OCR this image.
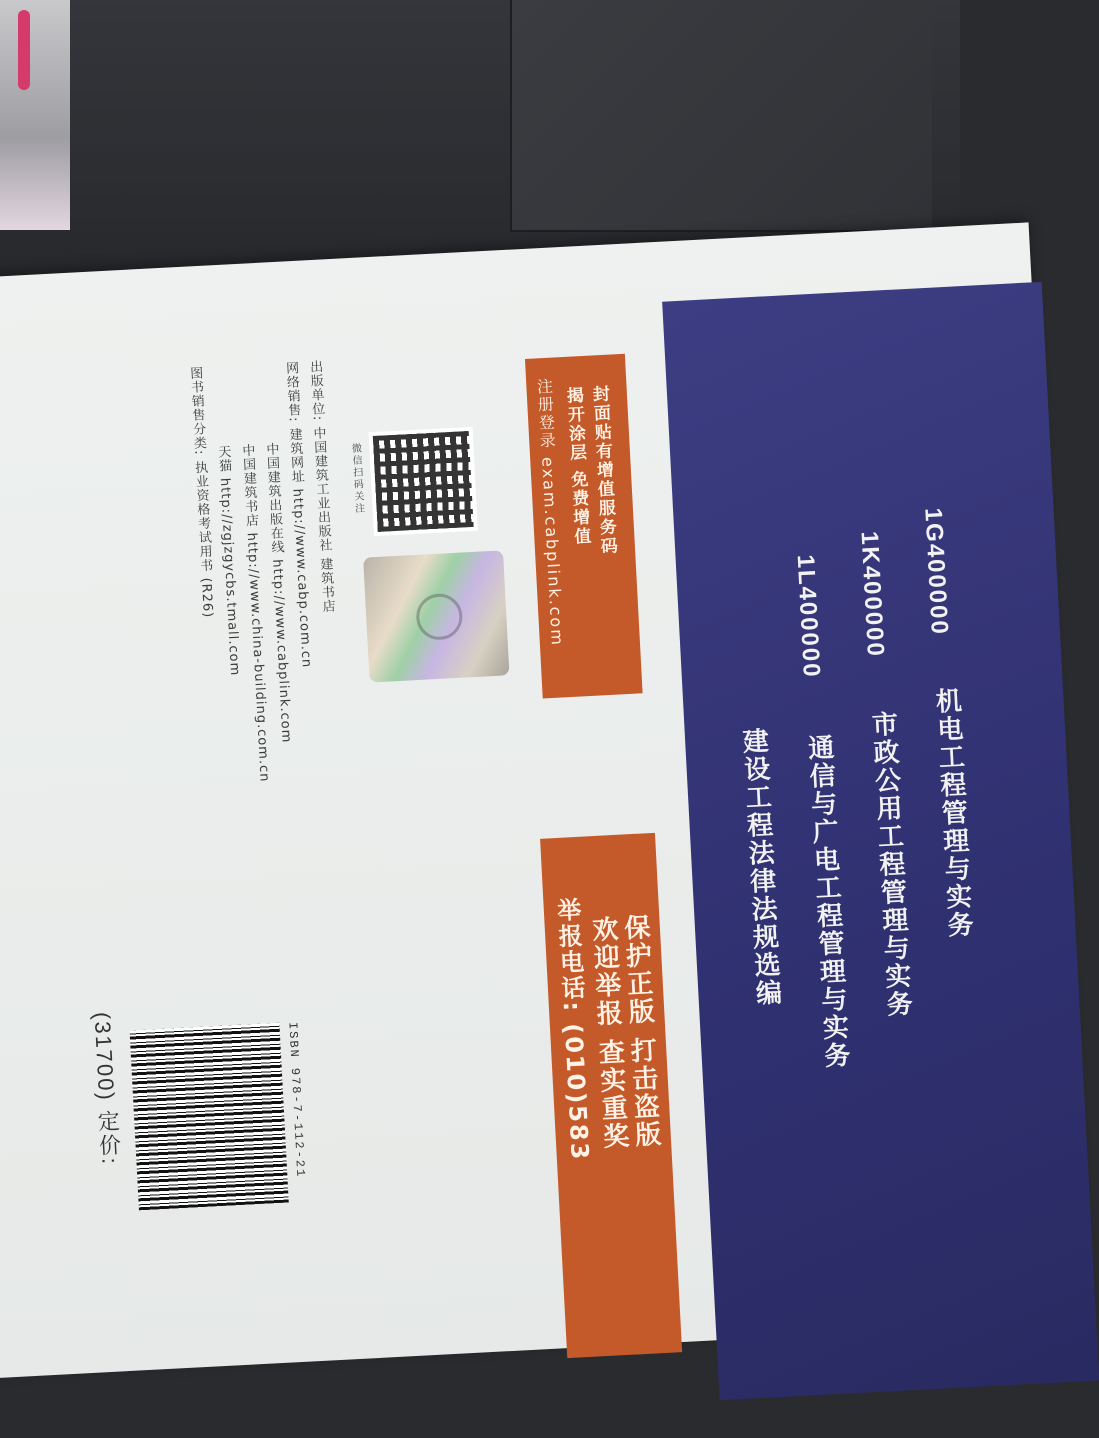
1G400000
机电工程管理与实务
1K400000
市政公用工程管理与实务
1L400000
通信与广电工程管理与实务
建设工程法律法规选编
封面贴有增值服务码
揭开涂层 免费增值
注册登录 exam.cabplink.com
微信扫码关注
出版单位: 中国建筑工业出版社 建筑书店
网络销售: 建筑网址 http://www.cabp.com.cn
中国建筑出版在线 http://www.cabplink.com
中国建筑书店 http://www.china-building.com.cn
天猫 http://zgjzgycbs.tmall.com
图书销售分类: 执业资格考试用书 (R26)
保护正版 打击盗版
欢迎举报 查实重奖
举报电话: (010)583
ISBN 978-7-112-21
(31700) 定价:
